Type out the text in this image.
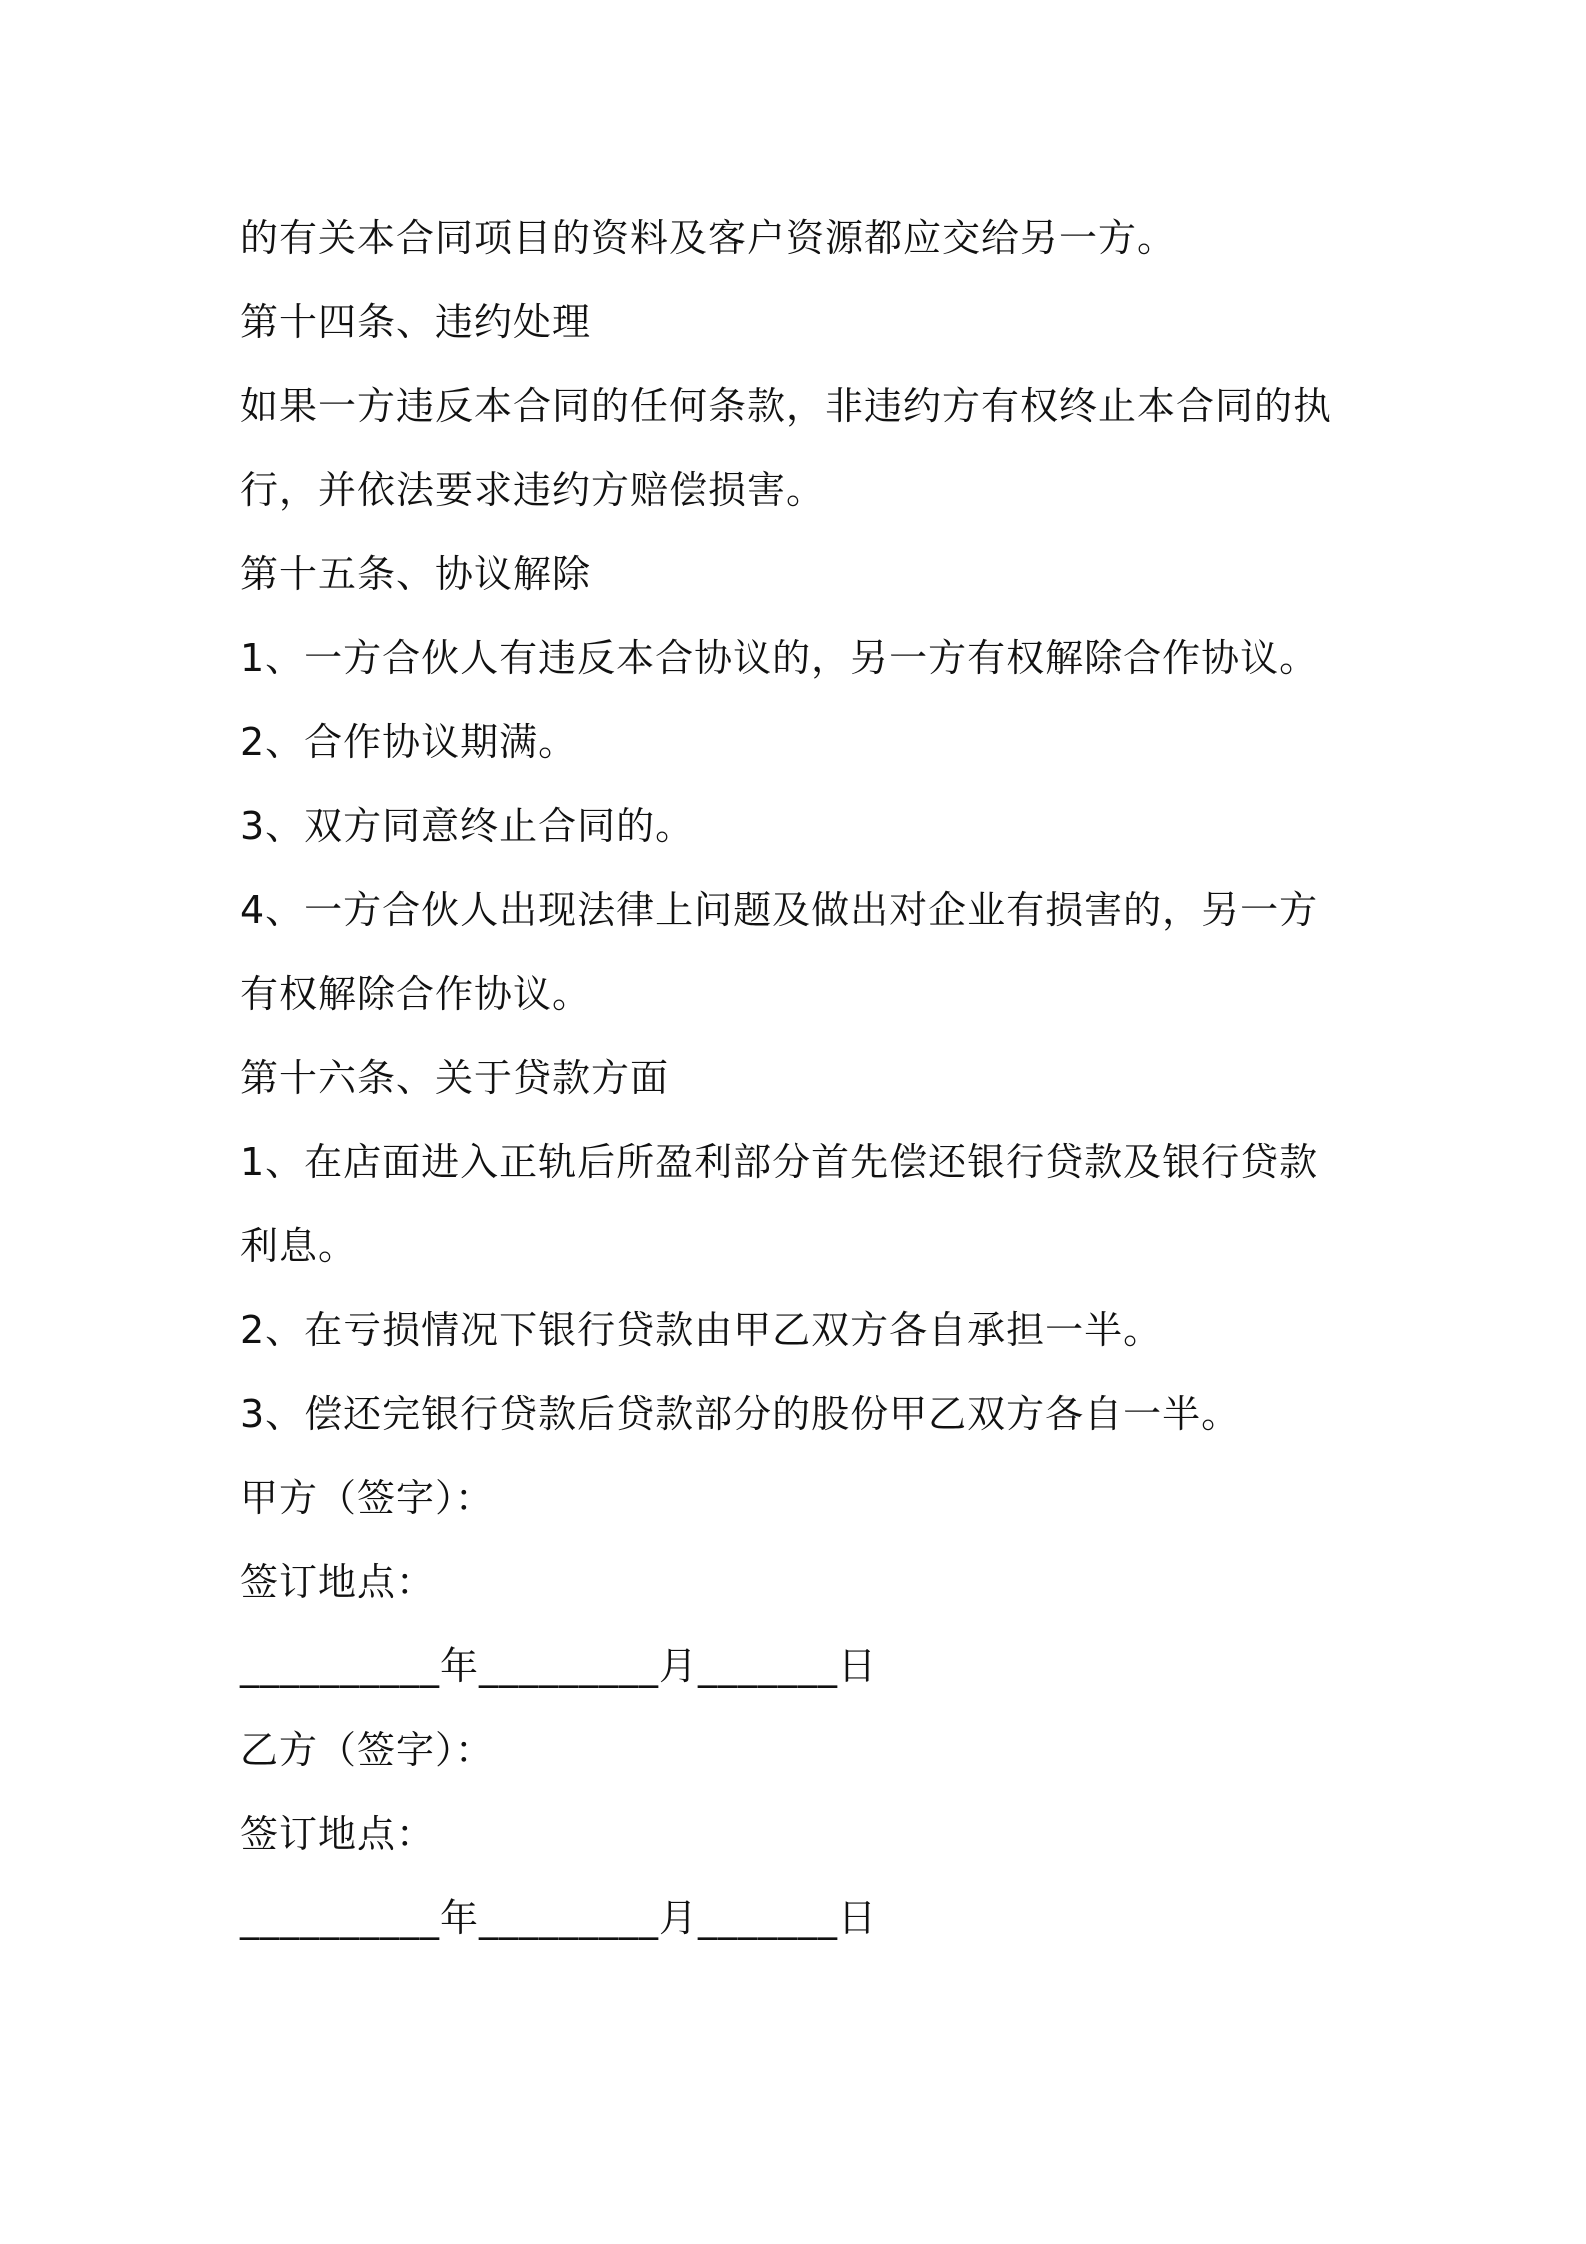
的有关本合同项目的资料及客户资源都应交给另一方。

第十四条、违约处理

如果一方违反本合同的任何条款，非违约方有权终止本合同的执

行，并依法要求违约方赔偿损害。

第十五条、协议解除

1、一方合伙人有违反本合协议的，另一方有权解除合作协议。

2、合作协议期满。

3、双方同意终止合同的。

4、一方合伙人出现法律上问题及做出对企业有损害的，另一方

有权解除合作协议。

第十六条、关于贷款方面

1、在店面进入正轨后所盈利部分首先偿还银行贷款及银行贷款

利息。

2、在亏损情况下银行贷款由甲乙双方各自承担一半。

3、偿还完银行贷款后贷款部分的股份甲乙双方各自一半。

甲方（签字）：

签订地点：

__________年_________月_______日

乙方（签字）：

签订地点：

__________年_________月_______日
